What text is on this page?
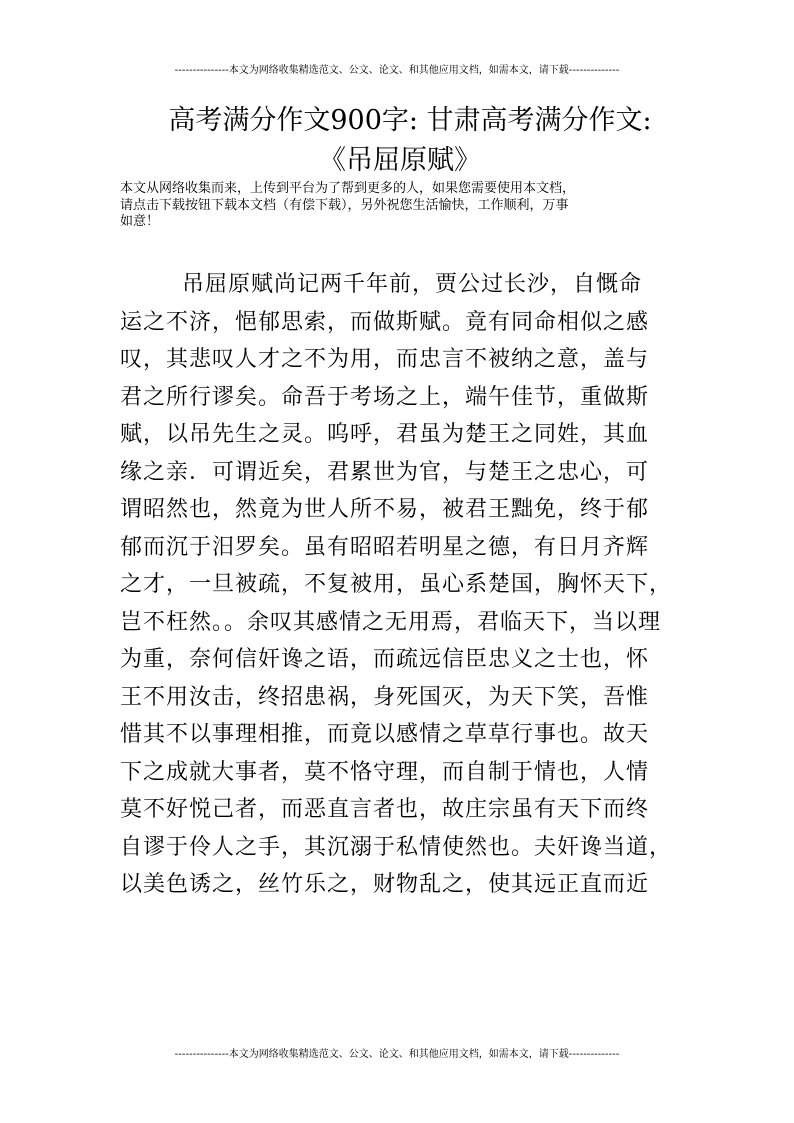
---------------本文为网络收集精选范文、公文、论文、和其他应用文档，如需本文，请下载--------------
高考满分作文900字: 甘肃高考满分作文:
《吊屈原赋》
本文从网络收集而来，上传到平台为了帮到更多的人，如果您需要使用本文档，
请点击下载按钮下载本文档（有偿下载），另外祝您生活愉快，工作顺利，万事
如意！
吊屈原赋尚记两千年前，贾公过长沙，自慨命
运之不济，悒郁思索，而做斯赋。竟有同命相似之感
叹，其悲叹人才之不为用，而忠言不被纳之意，盖与
君之所行谬矣。命吾于考场之上，端午佳节，重做斯
赋，以吊先生之灵。呜呼，君虽为楚王之同姓，其血
缘之亲．可谓近矣，君累世为官，与楚王之忠心，可
谓昭然也，然竟为世人所不易，被君王黜免，终于郁
郁而沉于汨罗矣。虽有昭昭若明星之德，有日月齐辉
之才，一旦被疏，不复被用，虽心系楚国，胸怀天下，
岂不枉然。。余叹其感情之无用焉，君临天下，当以理
为重，奈何信奸谗之语，而疏远信臣忠义之士也，怀
王不用汝击，终招患祸，身死国灭，为天下笑，吾惟
惜其不以事理相推，而竟以感情之草草行事也。故天
下之成就大事者，莫不恪守理，而自制于情也，人情
莫不好悦己者，而恶直言者也，故庄宗虽有天下而终
自谬于伶人之手，其沉溺于私情使然也。夫奸谗当道，
以美色诱之，丝竹乐之，财物乱之，使其远正直而近
---------------本文为网络收集精选范文、公文、论文、和其他应用文档，如需本文，请下载--------------
